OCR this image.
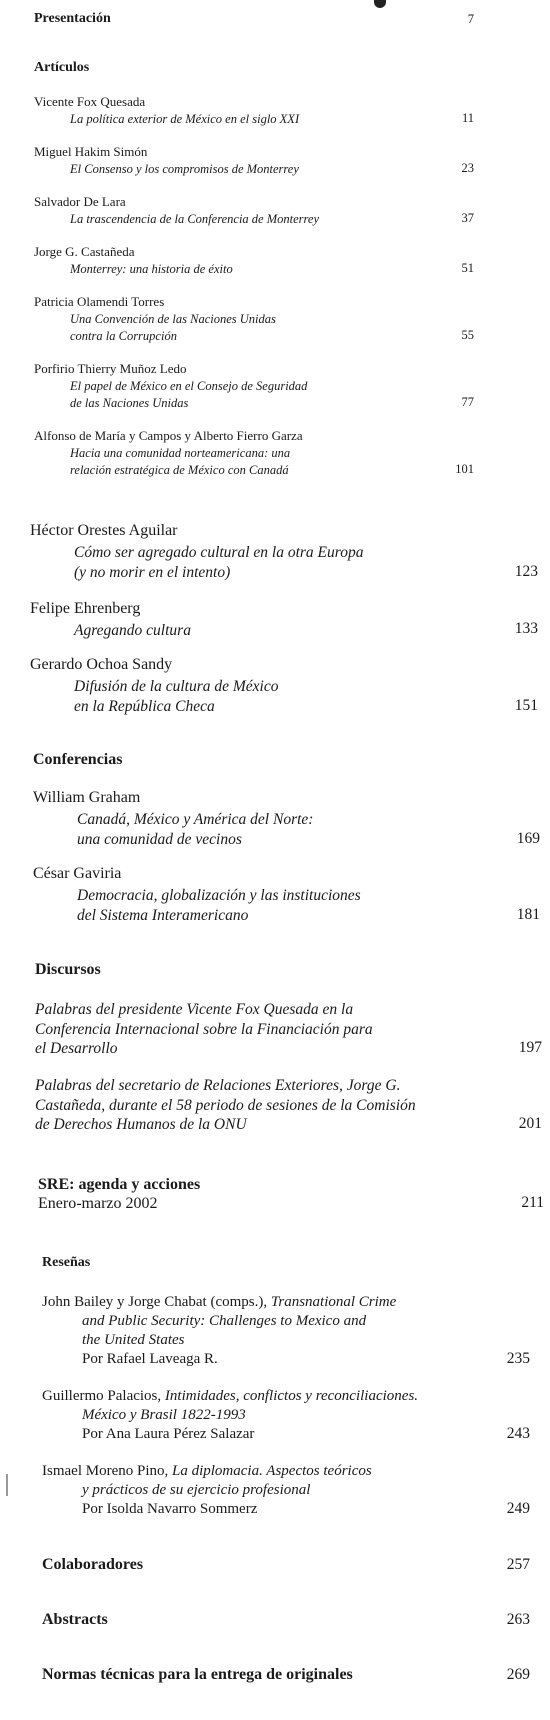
Presentación	7
Artículos
Vicente Fox Quesada
La política exterior de México en el siglo XXI	11
Miguel Hakim Simón
El Consenso y los compromisos de Monterrey	23
Salvador De Lara
La trascendencia de la Conferencia de Monterrey	37
Jorge G. Castañeda
Monterrey: una historia de éxito	51
Patricia Olamendi Torres
Una Convención de las Naciones Unidas
contra la Corrupción	55
Porfirio Thierry Muñoz Ledo
El papel de México en el Consejo de Seguridad
de las Naciones Unidas	77
Alfonso de María y Campos y Alberto Fierro Garza
Hacia una comunidad norteamericana: una
relación estratégica de México con Canadá	101
Héctor Orestes Aguilar
Cómo ser agregado cultural en la otra Europa
(y no morir en el intento)	123
Felipe Ehrenberg
Agregando cultura	133
Gerardo Ochoa Sandy
Difusión de la cultura de México
en la República Checa	151
Conferencias
William Graham
Canadá, México y América del Norte:
una comunidad de vecinos	169
César Gaviria
Democracia, globalización y las instituciones
del Sistema Interamericano	181
Discursos
Palabras del presidente Vicente Fox Quesada en la
Conferencia Internacional sobre la Financiación para
el Desarrollo	197
Palabras del secretario de Relaciones Exteriores, Jorge G.
Castañeda, durante el 58 periodo de sesiones de la Comisión
de Derechos Humanos de la ONU	201
SRE: agenda y acciones
Enero-marzo 2002	211
Reseñas
John Bailey y Jorge Chabat (comps.), Transnational Crime
and Public Security: Challenges to Mexico and
the United States
Por Rafael Laveaga R.	235
Guillermo Palacios, Intimidades, conflictos y reconciliaciones.
México y Brasil 1822-1993
Por Ana Laura Pérez Salazar	243
Ismael Moreno Pino, La diplomacia. Aspectos teóricos
y prácticos de su ejercicio profesional
Por Isolda Navarro Sommerz	249
Colaboradores	257
Abstracts	263
Normas técnicas para la entrega de originales	269
